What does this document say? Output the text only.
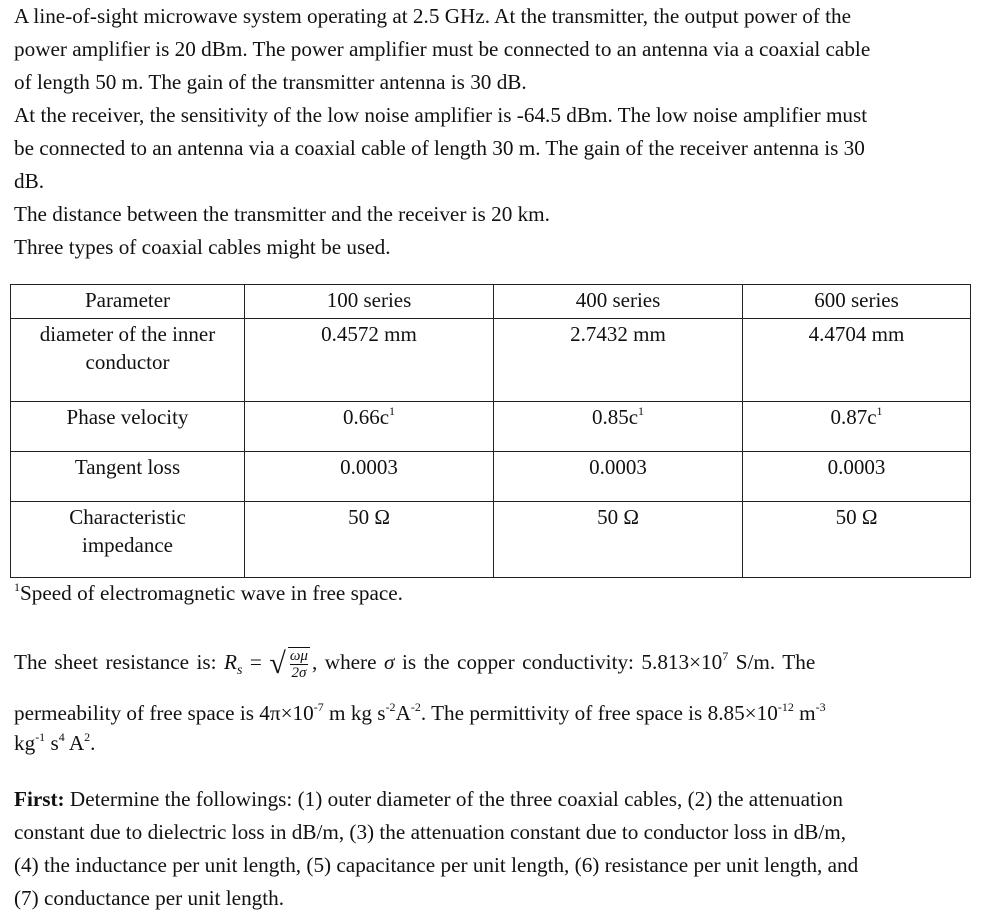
A line-of-sight microwave system operating at 2.5 GHz. At the transmitter, the output power of the

power amplifier is 20 dBm. The power amplifier must be connected to an antenna via a coaxial cable

of length 50 m. The gain of the transmitter antenna is 30 dB.

At the receiver, the sensitivity of the low noise amplifier is -64.5 dBm. The low noise amplifier must

be connected to an antenna via a coaxial cable of length 30 m. The gain of the receiver antenna is 30

dB.

The distance between the transmitter and the receiver is 20 km.

Three types of coaxial cables might be used.

Parameter	100 series	400 series	600 series
diameter of the inner
conductor	0.4572 mm	2.7432 mm	4.4704 mm
Phase velocity	$0.66c^1$	$0.85c^1$	$0.87c^1$
Tangent loss	0.0003	0.0003	0.0003
Characteristic
impedance	50 Ω	50 Ω	50 Ω

$^1$Speed of electromagnetic wave in free space.

The sheet resistance is: $R_s$ = √ $\frac{\omega\mu}{2\sigma}$, where σ is the copper conductivity: $5.813\times 10^7$ S/m. The

permeability of free space is $4\pi\times 10^{-7}$ m kg $s^{-2}A^{-2}$. The permittivity of free space is $8.85\times 10^{-12}$ $m^{-3}$

$kg^{-1}$ $s^4$ $A^2$.

First: Determine the followings: (1) outer diameter of the three coaxial cables, (2) the attenuation

constant due to dielectric loss in dB/m, (3) the attenuation constant due to conductor loss in dB/m,

(4) the inductance per unit length, (5) capacitance per unit length, (6) resistance per unit length, and

(7) conductance per unit length.
